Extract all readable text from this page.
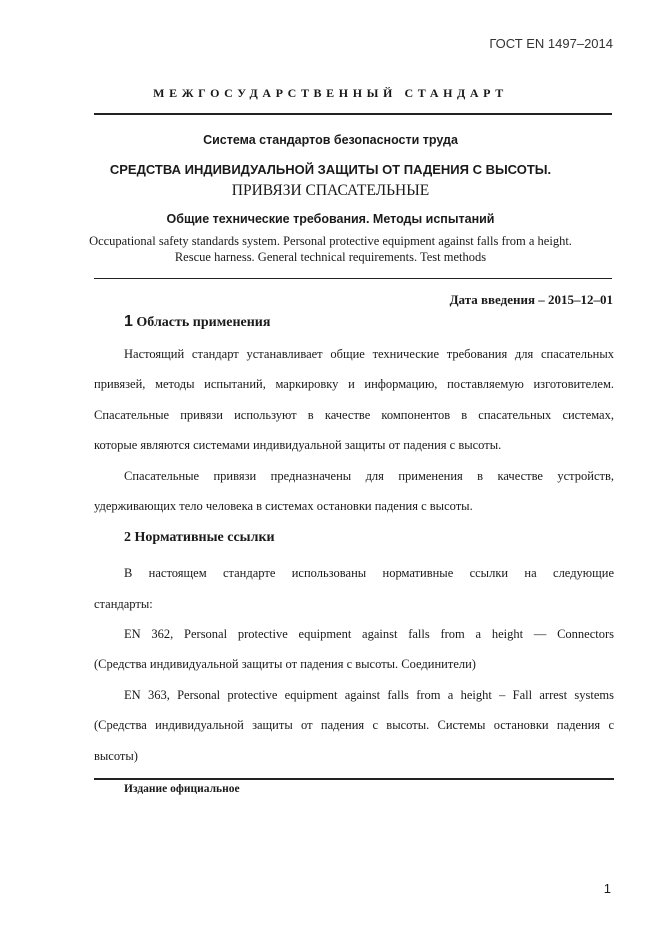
ГОСТ EN 1497–2014
МЕЖГОСУДАРСТВЕННЫЙ СТАНДАРТ
Система стандартов безопасности труда
СРЕДСТВА ИНДИВИДУАЛЬНОЙ ЗАЩИТЫ ОТ ПАДЕНИЯ С ВЫСОТЫ.
ПРИВЯЗИ СПАСАТЕЛЬНЫЕ
Общие технические требования. Методы испытаний
Occupational safety standards system. Personal protective equipment against falls from a height.
Rescue harness. General technical requirements. Test methods
Дата введения – 2015–12–01
1 Область применения
Настоящий стандарт устанавливает общие технические требования для спасательных
привязей, методы испытаний, маркировку и информацию, поставляемую изготовителем.
Спасательные привязи используют в качестве компонентов в спасательных системах,
которые являются системами индивидуальной защиты от падения с высоты.
Спасательные привязи предназначены для применения в качестве устройств,
удерживающих тело человека в системах остановки падения с высоты.
2 Нормативные ссылки
В настоящем стандарте использованы нормативные ссылки на следующие
стандарты:
EN 362, Personal protective equipment against falls from a height — Connectors
(Средства индивидуальной защиты от падения с высоты. Соединители)
EN 363, Personal protective equipment against falls from a height – Fall arrest systems
(Средства индивидуальной защиты от падения с высоты. Системы остановки падения с
высоты)
Издание официальное
1
